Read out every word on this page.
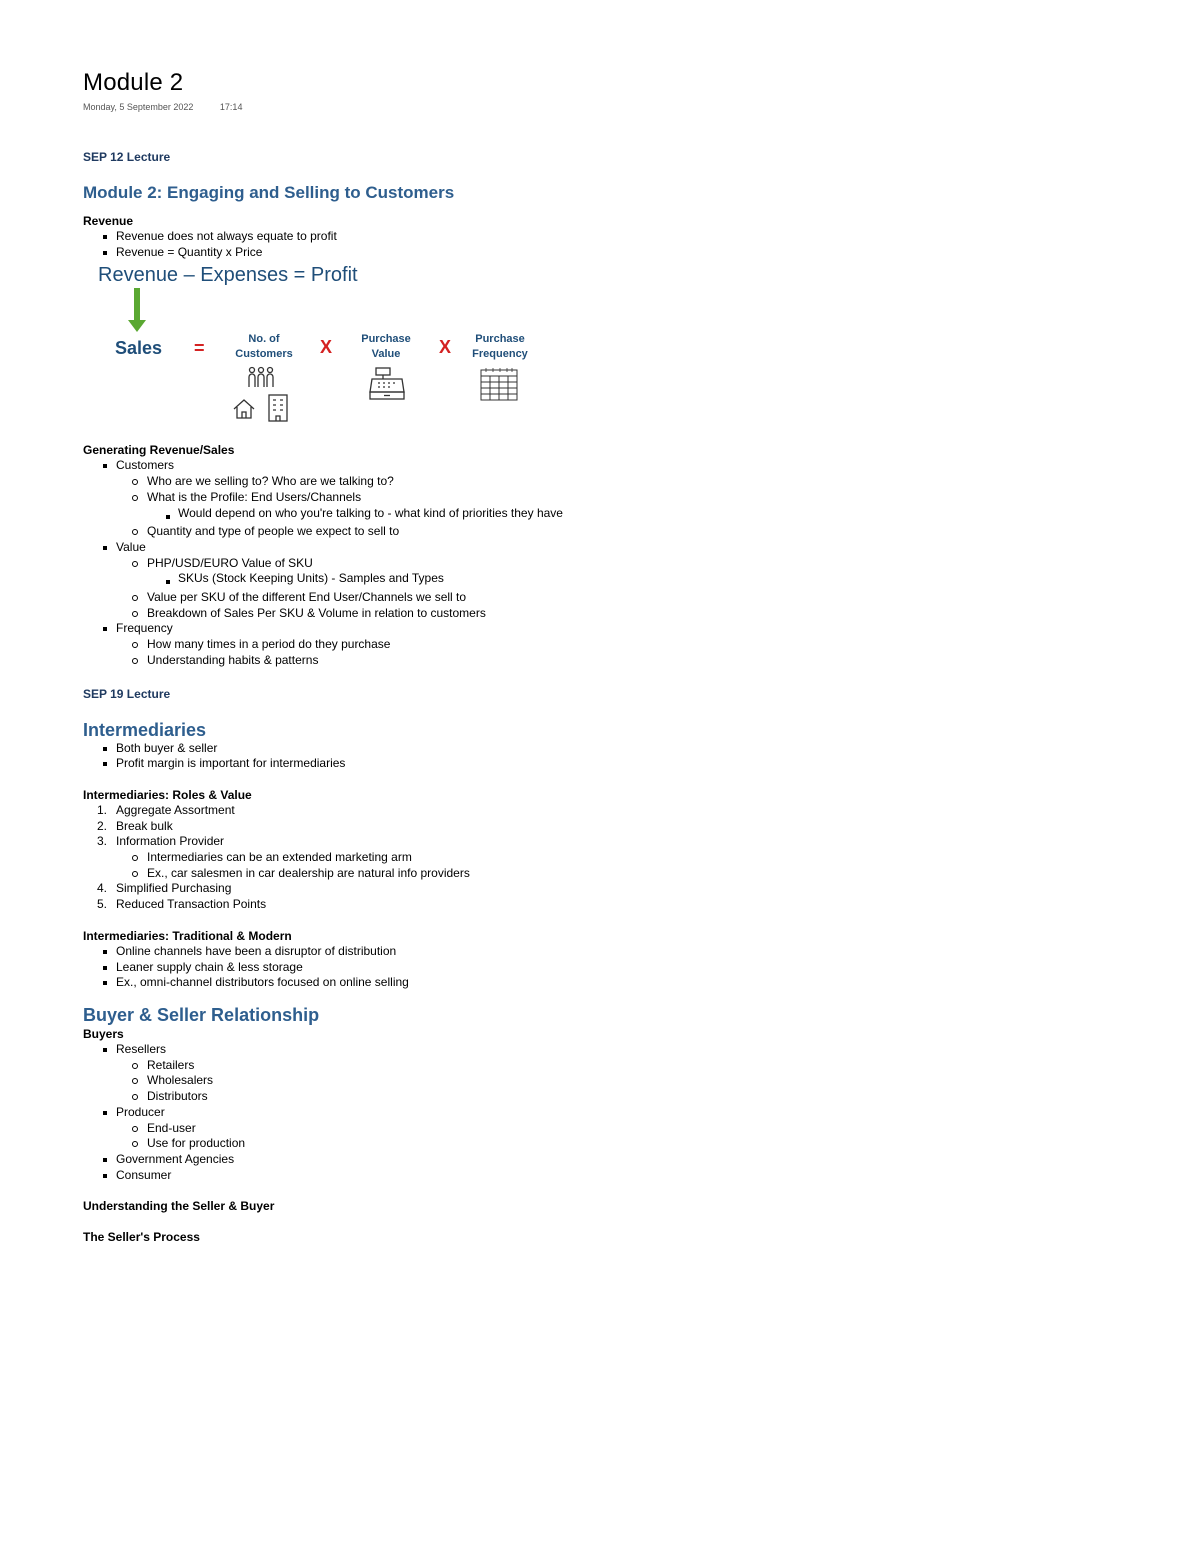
Module 2
Monday, 5 September 2022	17:14

SEP 12 Lecture

Module 2: Engaging and Selling to Customers

Revenue

Revenue does not always equate to profit
Revenue = Quantity x Price
Revenue – Expenses = Profit
Sales =	No. of Customers	X	Purchase Value	X	Purchase Frequency

Generating Revenue/Sales

Customers
Who are we selling to? Who are we talking to?
What is the Profile: End Users/Channels
Would depend on who you're talking to - what kind of priorities they have
Quantity and type of people we expect to sell to
Value
PHP/USD/EURO Value of SKU
SKUs (Stock Keeping Units) - Samples and Types
Value per SKU of the different End User/Channels we sell to
Breakdown of Sales Per SKU & Volume in relation to customers
Frequency
How many times in a period do they purchase
Understanding habits & patterns

SEP 19 Lecture

Intermediaries
Both buyer & seller
Profit margin is important for intermediaries

Intermediaries: Roles & Value

1. Aggregate Assortment
2. Break bulk
3. Information Provider
Intermediaries can be an extended marketing arm
Ex., car salesmen in car dealership are natural info providers
4. Simplified Purchasing
5. Reduced Transaction Points

Intermediaries: Traditional & Modern

Online channels have been a disruptor of distribution
Leaner supply chain & less storage
Ex., omni-channel distributors focused on online selling
Buyer & Seller Relationship

Buyers

Resellers
Retailers
Wholesalers
Distributors
Producer
End-user
Use for production
Government Agencies
Consumer

Understanding the Seller & Buyer

The Seller's Process
